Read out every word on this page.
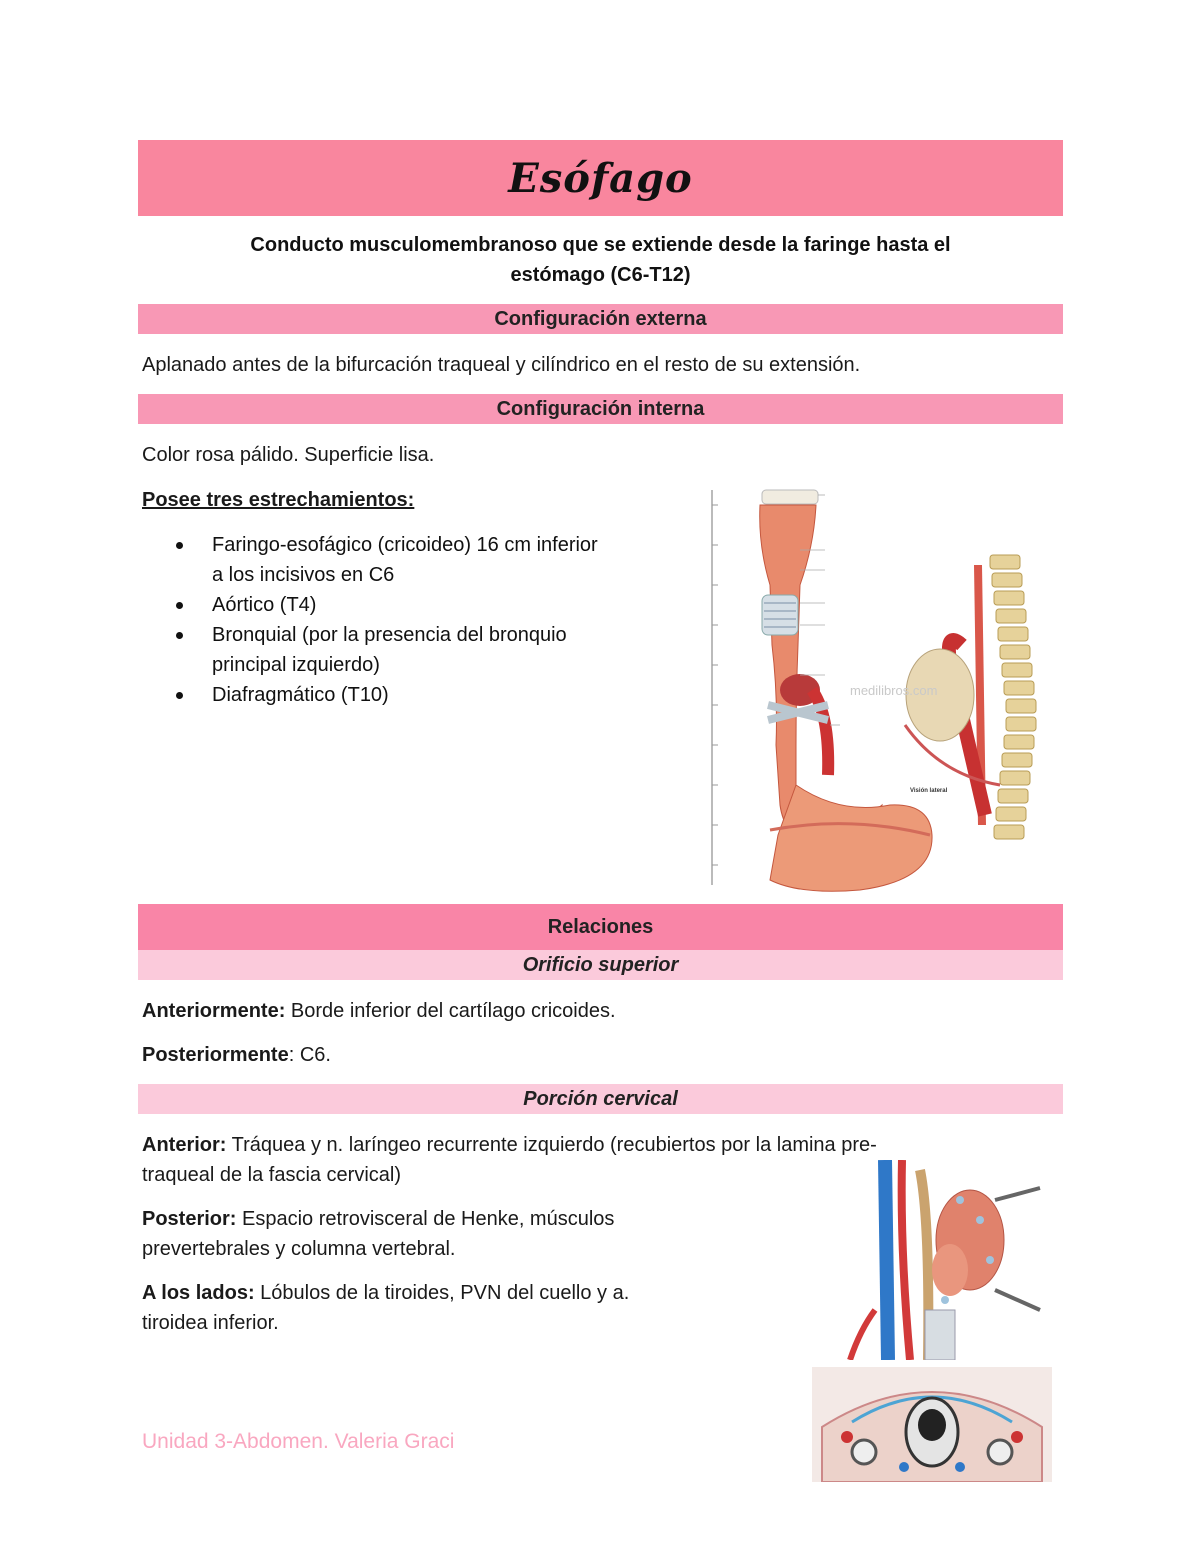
Esófago
Conducto musculomembranoso que se extiende desde la faringe hasta el
estómago (C6-T12)
Configuración externa
Aplanado antes de la bifurcación traqueal y cilíndrico en el resto de su extensión.
Configuración interna
Color rosa pálido. Superficie lisa.
Posee tres estrechamientos:
Faringo-esofágico (cricoideo) 16 cm inferior
a los incisivos en C6
Aórtico (T4)
Bronquial (por la presencia del bronquio
principal izquierdo)
Diafragmático (T10)	medilibros.com
Visión lateral
Relaciones
Orificio superior
Anteriormente: Borde inferior del cartílago cricoides.
Posteriormente: C6.
Porción cervical
Anterior: Tráquea y n. laríngeo recurrente izquierdo (recubiertos por la lamina pre-
traqueal de la fascia cervical)
Posterior: Espacio retrovisceral de Henke, músculos
prevertebrales y columna vertebral.
A los lados: Lóbulos de la tiroides, PVN del cuello y a.
tiroidea inferior.
Unidad 3-Abdomen. Valeria Graci
